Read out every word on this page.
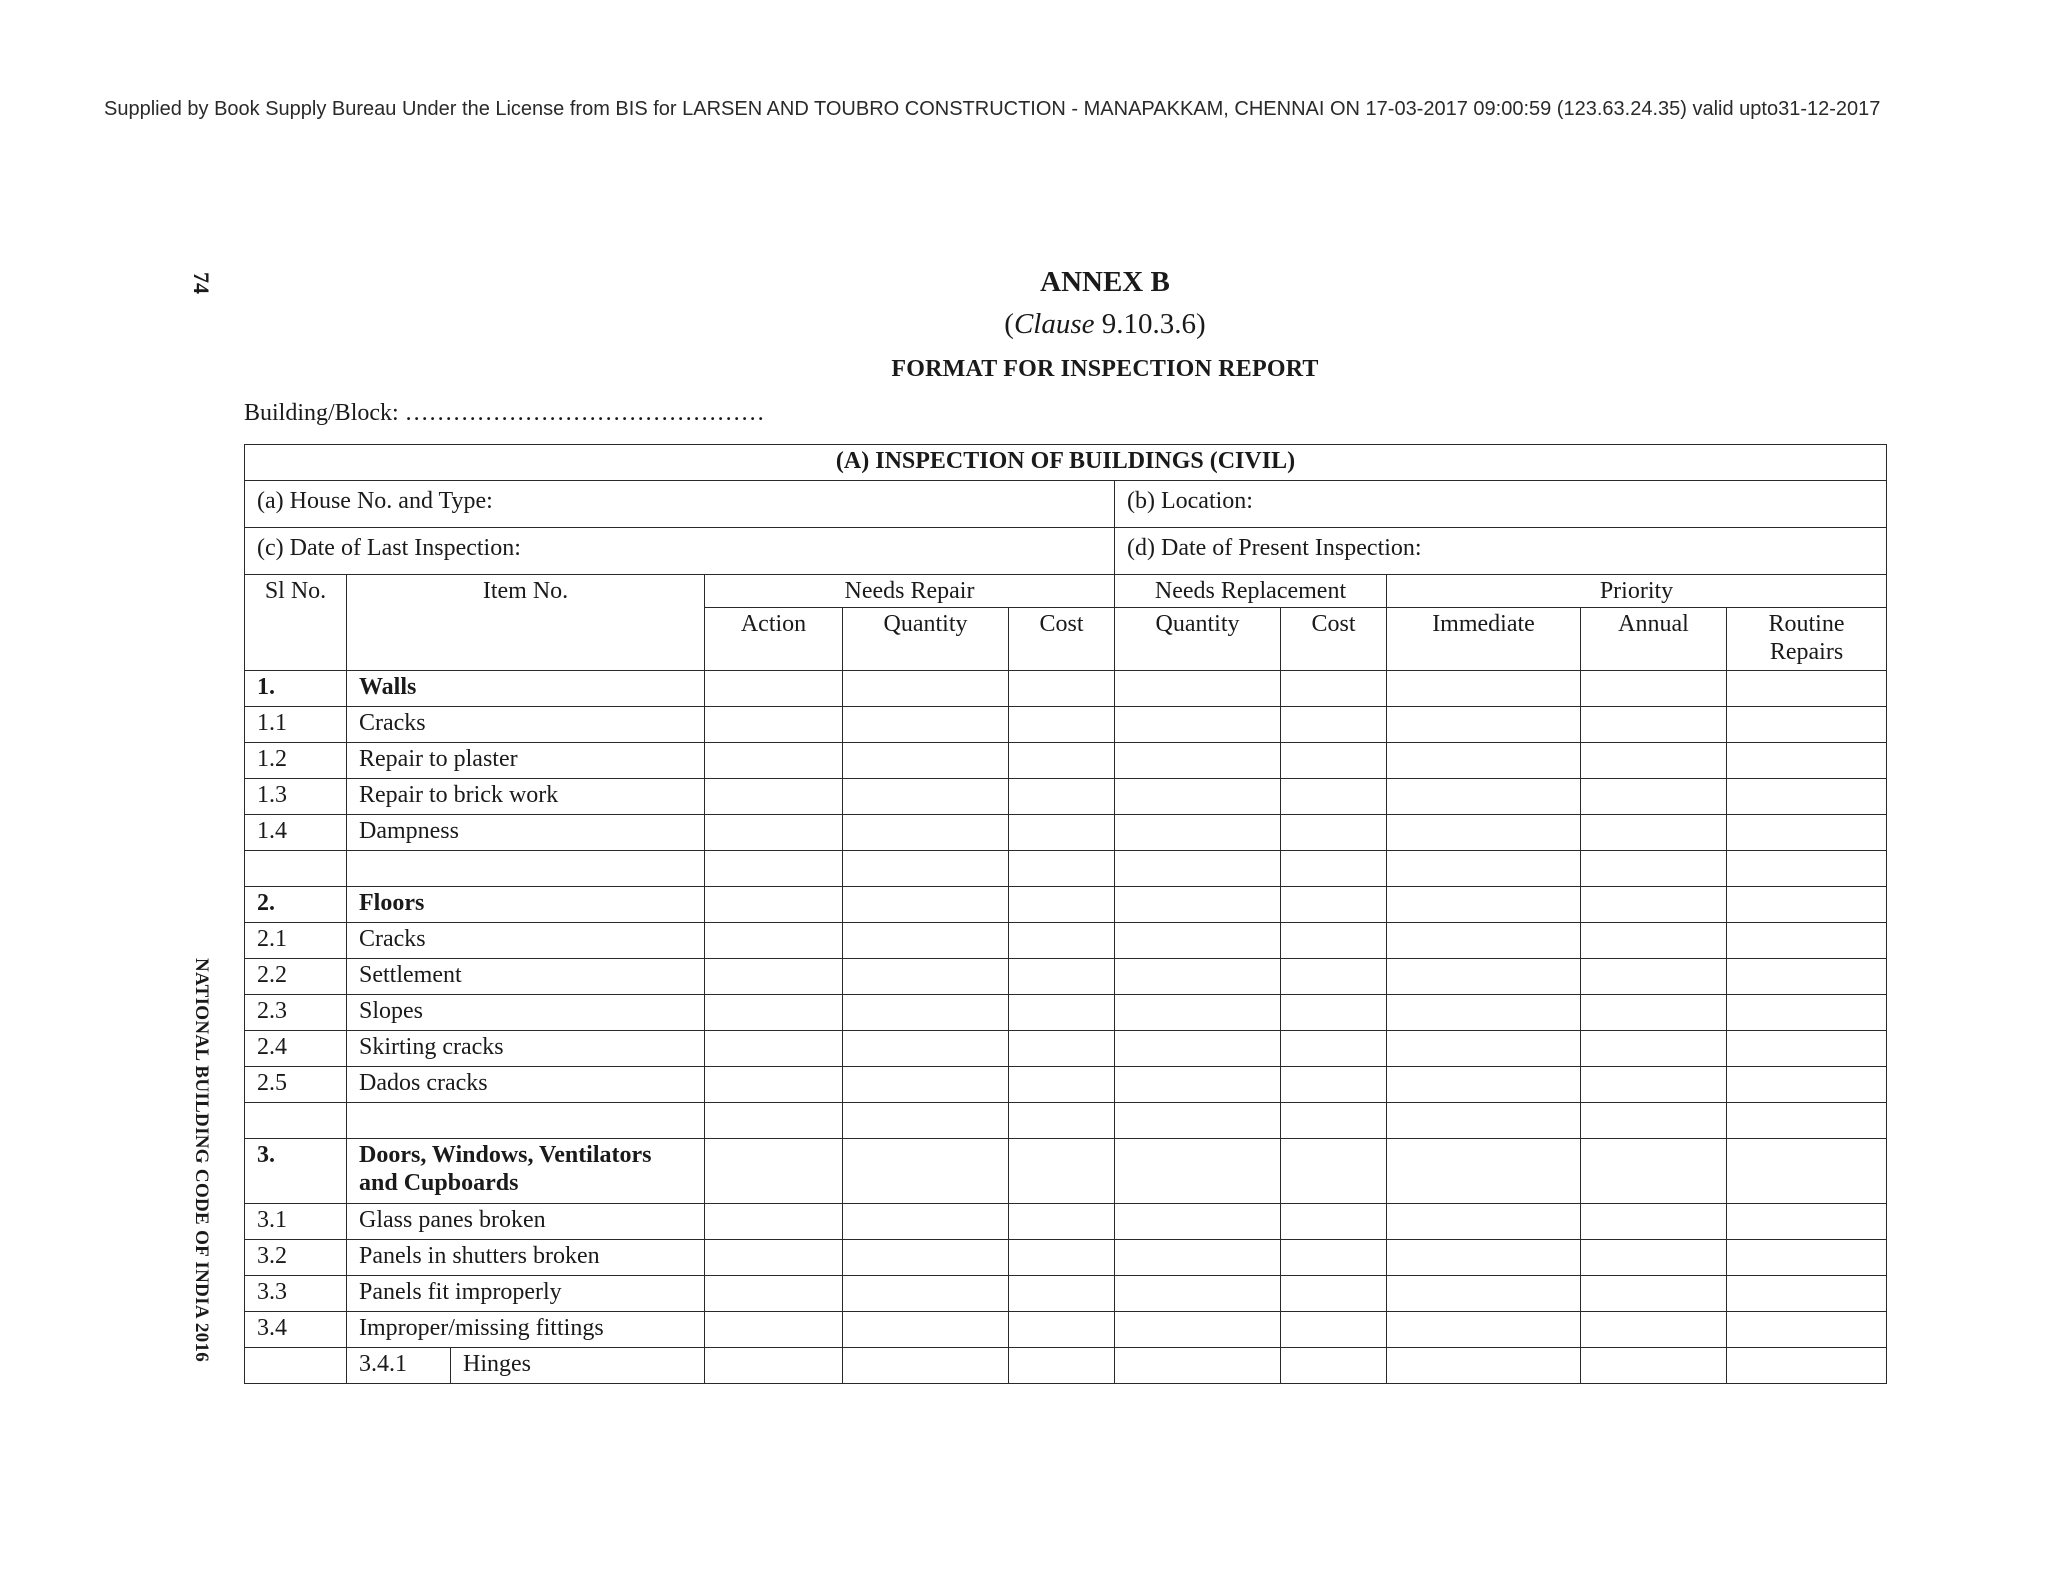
Supplied by Book Supply Bureau Under the License from BIS for LARSEN AND TOUBRO CONSTRUCTION - MANAPAKKAM, CHENNAI ON 17-03-2017 09:00:59 (123.63.24.35) valid upto31-12-2017
74
NATIONAL BUILDING CODE OF INDIA 2016
ANNEX B
(Clause 9.10.3.6)
FORMAT FOR INSPECTION REPORT
Building/Block: ………………………………………
(A) INSPECTION OF BUILDINGS (CIVIL)										
(a) House No. and Type:						(b) Location:				
(c) Date of Last Inspection:						(d) Date of Present Inspection:				
Sl No.	Item No.		Needs Repair			Needs Replacement		Priority		
			Action	Quantity	Cost	Quantity	Cost	Immediate	Annual	Routine Repairs
1.	Walls									
1.1	Cracks									
1.2	Repair to plaster									
1.3	Repair to brick work									
1.4	Dampness									

2.	Floors									
2.1	Cracks									
2.2	Settlement									
2.3	Slopes									
2.4	Skirting cracks									
2.5	Dados cracks									

3.	Doors, Windows, Ventilators and Cupboards									
3.1	Glass panes broken									
3.2	Panels in shutters broken									
3.3	Panels fit improperly									
3.4	Improper/missing fittings									
	3.4.1	Hinges								
